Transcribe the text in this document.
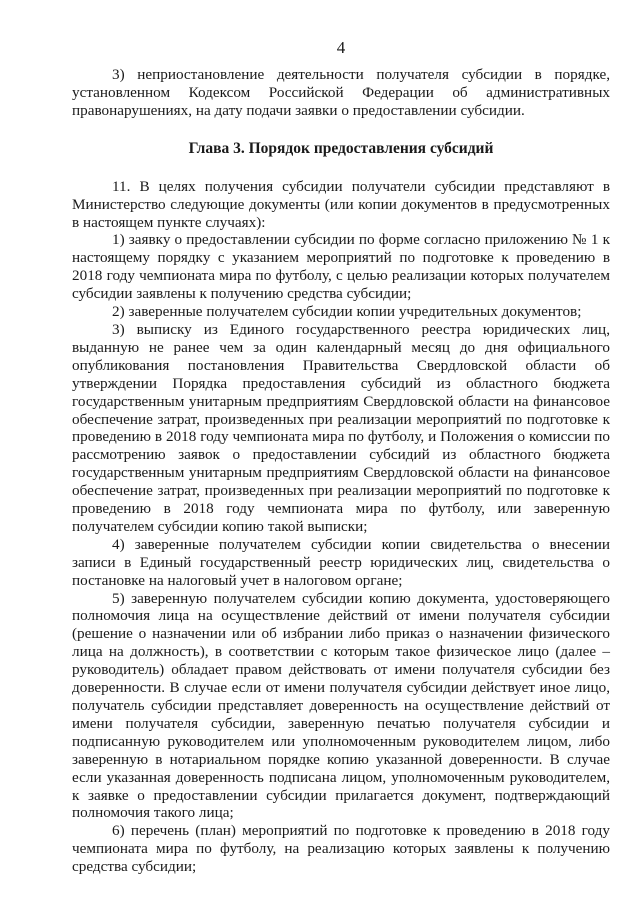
4

3) неприостановление деятельности получателя субсидии в порядке, установленном Кодексом Российской Федерации об административных правонарушениях, на дату подачи заявки о предоставлении субсидии.

Глава 3. Порядок предоставления субсидий

11. В целях получения субсидии получатели субсидии представляют в Министерство следующие документы (или копии документов в предусмотренных в настоящем пункте случаях):

1) заявку о предоставлении субсидии по форме согласно приложению № 1 к настоящему порядку с указанием мероприятий по подготовке к проведению в 2018 году чемпионата мира по футболу, с целью реализации которых получателем субсидии заявлены к получению средства субсидии;

2) заверенные получателем субсидии копии учредительных документов;

3) выписку из Единого государственного реестра юридических лиц, выданную не ранее чем за один календарный месяц до дня официального опубликования постановления Правительства Свердловской области об утверждении Порядка предоставления субсидий из областного бюджета государственным унитарным предприятиям Свердловской области на финансовое обеспечение затрат, произведенных при реализации мероприятий по подготовке к проведению в 2018 году чемпионата мира по футболу, и Положения о комиссии по рассмотрению заявок о предоставлении субсидий из областного бюджета государственным унитарным предприятиям Свердловской области на финансовое обеспечение затрат, произведенных при реализации мероприятий по подготовке к проведению в 2018 году чемпионата мира по футболу, или заверенную получателем субсидии копию такой выписки;

4) заверенные получателем субсидии копии свидетельства о внесении записи в Единый государственный реестр юридических лиц, свидетельства о постановке на налоговый учет в налоговом органе;

5) заверенную получателем субсидии копию документа, удостоверяющего полномочия лица на осуществление действий от имени получателя субсидии (решение о назначении или об избрании либо приказ о назначении физического лица на должность), в соответствии с которым такое физическое лицо (далее – руководитель) обладает правом действовать от имени получателя субсидии без доверенности. В случае если от имени получателя субсидии действует иное лицо, получатель субсидии представляет доверенность на осуществление действий от имени получателя субсидии, заверенную печатью получателя субсидии и подписанную руководителем или уполномоченным руководителем лицом, либо заверенную в нотариальном порядке копию указанной доверенности. В случае если указанная доверенность подписана лицом, уполномоченным руководителем, к заявке о предоставлении субсидии прилагается документ, подтверждающий полномочия такого лица;

6) перечень (план) мероприятий по подготовке к проведению в 2018 году чемпионата мира по футболу, на реализацию которых заявлены к получению средства субсидии;
